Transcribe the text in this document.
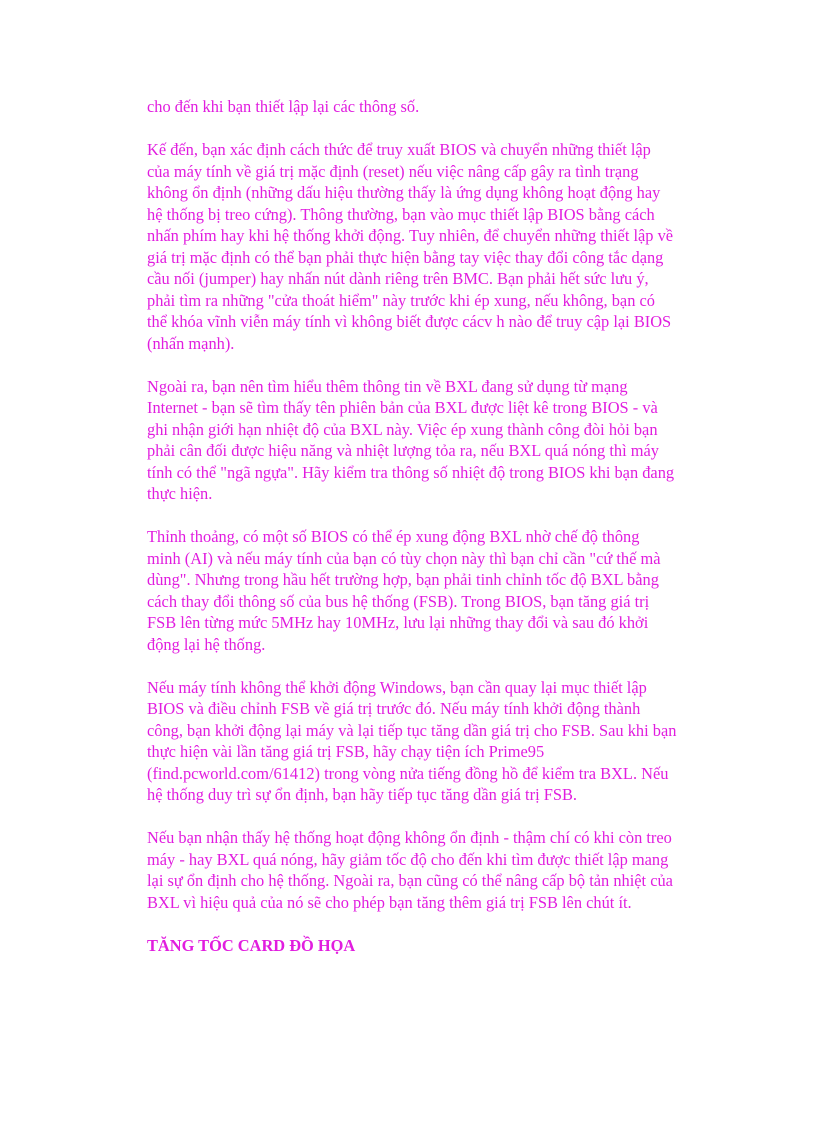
cho đến khi bạn thiết lập lại các thông số.

Kế đến, bạn xác định cách thức để truy xuất BIOS và chuyển những thiết lập của máy tính về giá trị mặc định (reset) nếu việc nâng cấp gây ra tình trạng không ổn định (những dấu hiệu thường thấy là ứng dụng không hoạt động hay hệ thống bị treo cứng). Thông thường, bạn vào mục thiết lập BIOS bằng cách nhấn phím hay khi hệ thống khởi động. Tuy nhiên, để chuyển những thiết lập về giá trị mặc định có thể bạn phải thực hiện bằng tay việc thay đổi công tắc dạng cầu nối (jumper) hay nhấn nút dành riêng trên BMC. Bạn phải hết sức lưu ý, phải tìm ra những "cửa thoát hiểm" này trước khi ép xung, nếu không, bạn có thể khóa vĩnh viễn máy tính vì không biết được cácv h nào để truy cập lại BIOS (nhấn mạnh).

Ngoài ra, bạn nên tìm hiểu thêm thông tin về BXL đang sử dụng từ mạng Internet - bạn sẽ tìm thấy tên phiên bản của BXL được liệt kê trong BIOS - và ghi nhận giới hạn nhiệt độ của BXL này. Việc ép xung thành công đòi hỏi bạn phải cân đối được hiệu năng và nhiệt lượng tỏa ra, nếu BXL quá nóng thì máy tính có thể "ngã ngựa". Hãy kiểm tra thông số nhiệt độ trong BIOS khi bạn đang thực hiện.

Thỉnh thoảng, có một số BIOS có thể ép xung động BXL nhờ chế độ thông minh (AI) và nếu máy tính của bạn có tùy chọn này thì bạn chỉ cần "cứ thế mà dùng". Nhưng trong hầu hết trường hợp, bạn phải tinh chỉnh tốc độ BXL bằng cách thay đổi thông số của bus hệ thống (FSB). Trong BIOS, bạn tăng giá trị FSB lên từng mức 5MHz hay 10MHz, lưu lại những thay đổi và sau đó khởi động lại hệ thống.

Nếu máy tính không thể khởi động Windows, bạn cần quay lại mục thiết lập BIOS và điều chỉnh FSB về giá trị trước đó. Nếu máy tính khởi động thành công, bạn khởi động lại máy và lại tiếp tục tăng dần giá trị cho FSB. Sau khi bạn thực hiện vài lần tăng giá trị FSB, hãy chạy tiện ích Prime95 (find.pcworld.com/61412) trong vòng nửa tiếng đồng hồ để kiểm tra BXL. Nếu hệ thống duy trì sự ổn định, bạn hãy tiếp tục tăng dần giá trị FSB.

Nếu bạn nhận thấy hệ thống hoạt động không ổn định - thậm chí có khi còn treo máy - hay BXL quá nóng, hãy giảm tốc độ cho đến khi tìm được thiết lập mang lại sự ổn định cho hệ thống. Ngoài ra, bạn cũng có thể nâng cấp bộ tản nhiệt của BXL vì hiệu quả của nó sẽ cho phép bạn tăng thêm giá trị FSB lên chút ít.

TĂNG TỐC CARD ĐỒ HỌA
